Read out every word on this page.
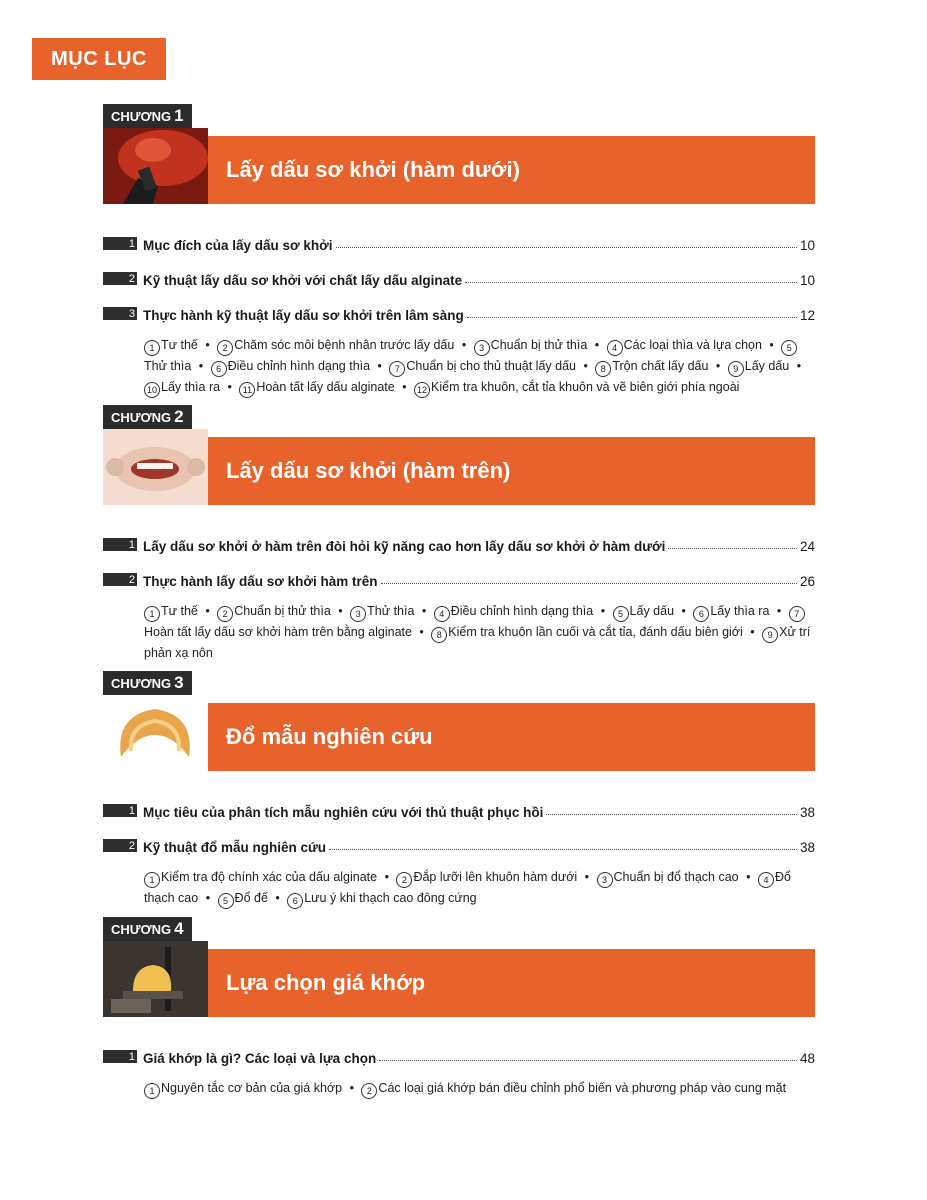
MỤC LỤC
CHƯƠNG 1
Lấy dấu sơ khởi (hàm dưới)
1 Mục đích của lấy dấu sơ khởi	10
2 Kỹ thuật lấy dấu sơ khởi với chất lấy dấu alginate	10
3 Thực hành kỹ thuật lấy dấu sơ khởi trên lâm sàng	12
1 Tư thế • 2 Chăm sóc môi bệnh nhân trước lấy dấu • 3 Chuẩn bị thử thìa • 4 Các loại thìa và lựa chọn • 5Thử thìa • 6 Điều chỉnh hình dạng thìa • 7 Chuẩn bị cho thủ thuật lấy dấu • 8 Trộn chất lấy dấu • 9 Lấy dấu • 10 Lấy thìa ra • 11 Hoàn tất lấy dấu alginate • 12 Kiểm tra khuôn, cắt tỉa khuôn và vẽ biên giới phía ngoài
CHƯƠNG 2
Lấy dấu sơ khởi (hàm trên)
1 Lấy dấu sơ khởi ở hàm trên đòi hỏi kỹ năng cao hơn lấy dấu sơ khởi ở hàm dưới	24
2 Thực hành lấy dấu sơ khởi hàm trên	26
1 Tư thế • 2 Chuẩn bị thử thìa • 3 Thử thìa • 4 Điều chỉnh hình dạng thìa • 5 Lấy dấu • 6 Lấy thìa ra • 7Hoàn tất lấy dấu sơ khởi hàm trên bằng alginate • 8 Kiểm tra khuôn lần cuối và cắt tỉa, đánh dấu biên giới • 9 Xử trí phản xạ nôn
CHƯƠNG 3
Đổ mẫu nghiên cứu
1 Mục tiêu của phân tích mẫu nghiên cứu với thủ thuật phục hồi	38
2 Kỹ thuật đổ mẫu nghiên cứu	38
1 Kiểm tra độ chính xác của dấu alginate • 2 Đắp lưỡi lên khuôn hàm dưới • 3 Chuẩn bị đổ thạch cao • 4 Đổ thạch cao • 5 Đổ đế • 6 Lưu ý khi thạch cao đông cứng
CHƯƠNG 4
Lựa chọn giá khớp
1 Giá khớp là gì? Các loại và lựa chọn	48
1 Nguyên tắc cơ bản của giá khớp • 2 Các loại giá khớp bán điều chỉnh phổ biến và phương pháp vào cung mặt
